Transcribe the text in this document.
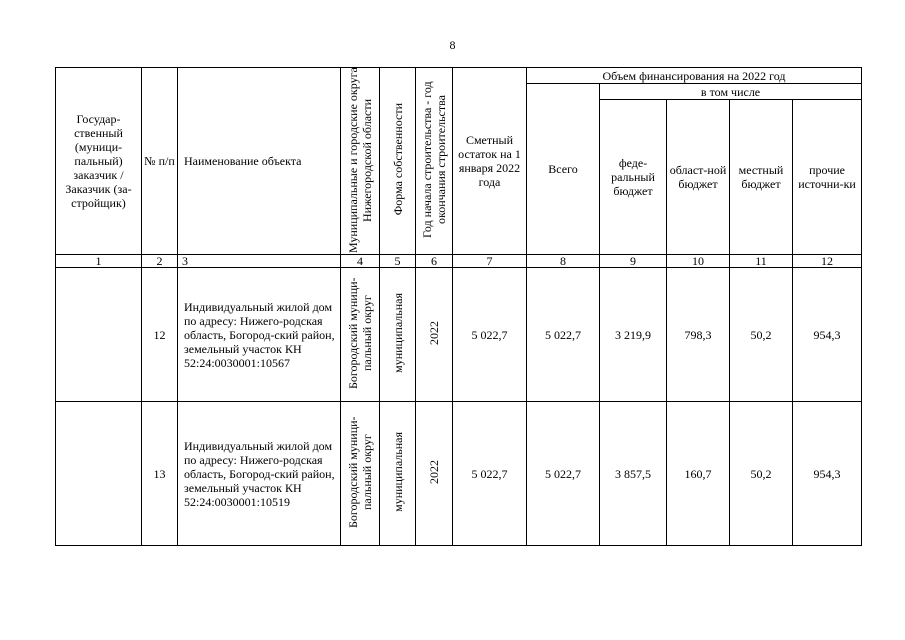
8
Государ-ственный (муници-пальный) заказчик / Заказчик (за-стройщик)	№ п/п	Наименование объекта	Муниципальные и городские округа Нижегородской области	Форма собственности	Год начала строительства - год окончания строительства	Сметный остаток на 1 января 2022 года	Объем финансирования на 2022 год				
							Всего	в том числе			
								феде-ральный бюджет	област-ной бюджет	местный бюджет	прочие источни-ки
1	2	3	4	5	6	7	8	9	10	11	12
	12	Индивидуальный жилой дом по адресу: Нижего-родская область, Богород-ский район, земельный участок КН 52:24:0030001:10567	Богородский муници-пальный округ	муниципальная	2022	5 022,7	5 022,7	3 219,9	798,3	50,2	954,3
	13	Индивидуальный жилой дом по адресу: Нижего-родская область, Богород-ский район, земельный участок КН 52:24:0030001:10519	Богородский муници-пальный округ	муниципальная	2022	5 022,7	5 022,7	3 857,5	160,7	50,2	954,3
